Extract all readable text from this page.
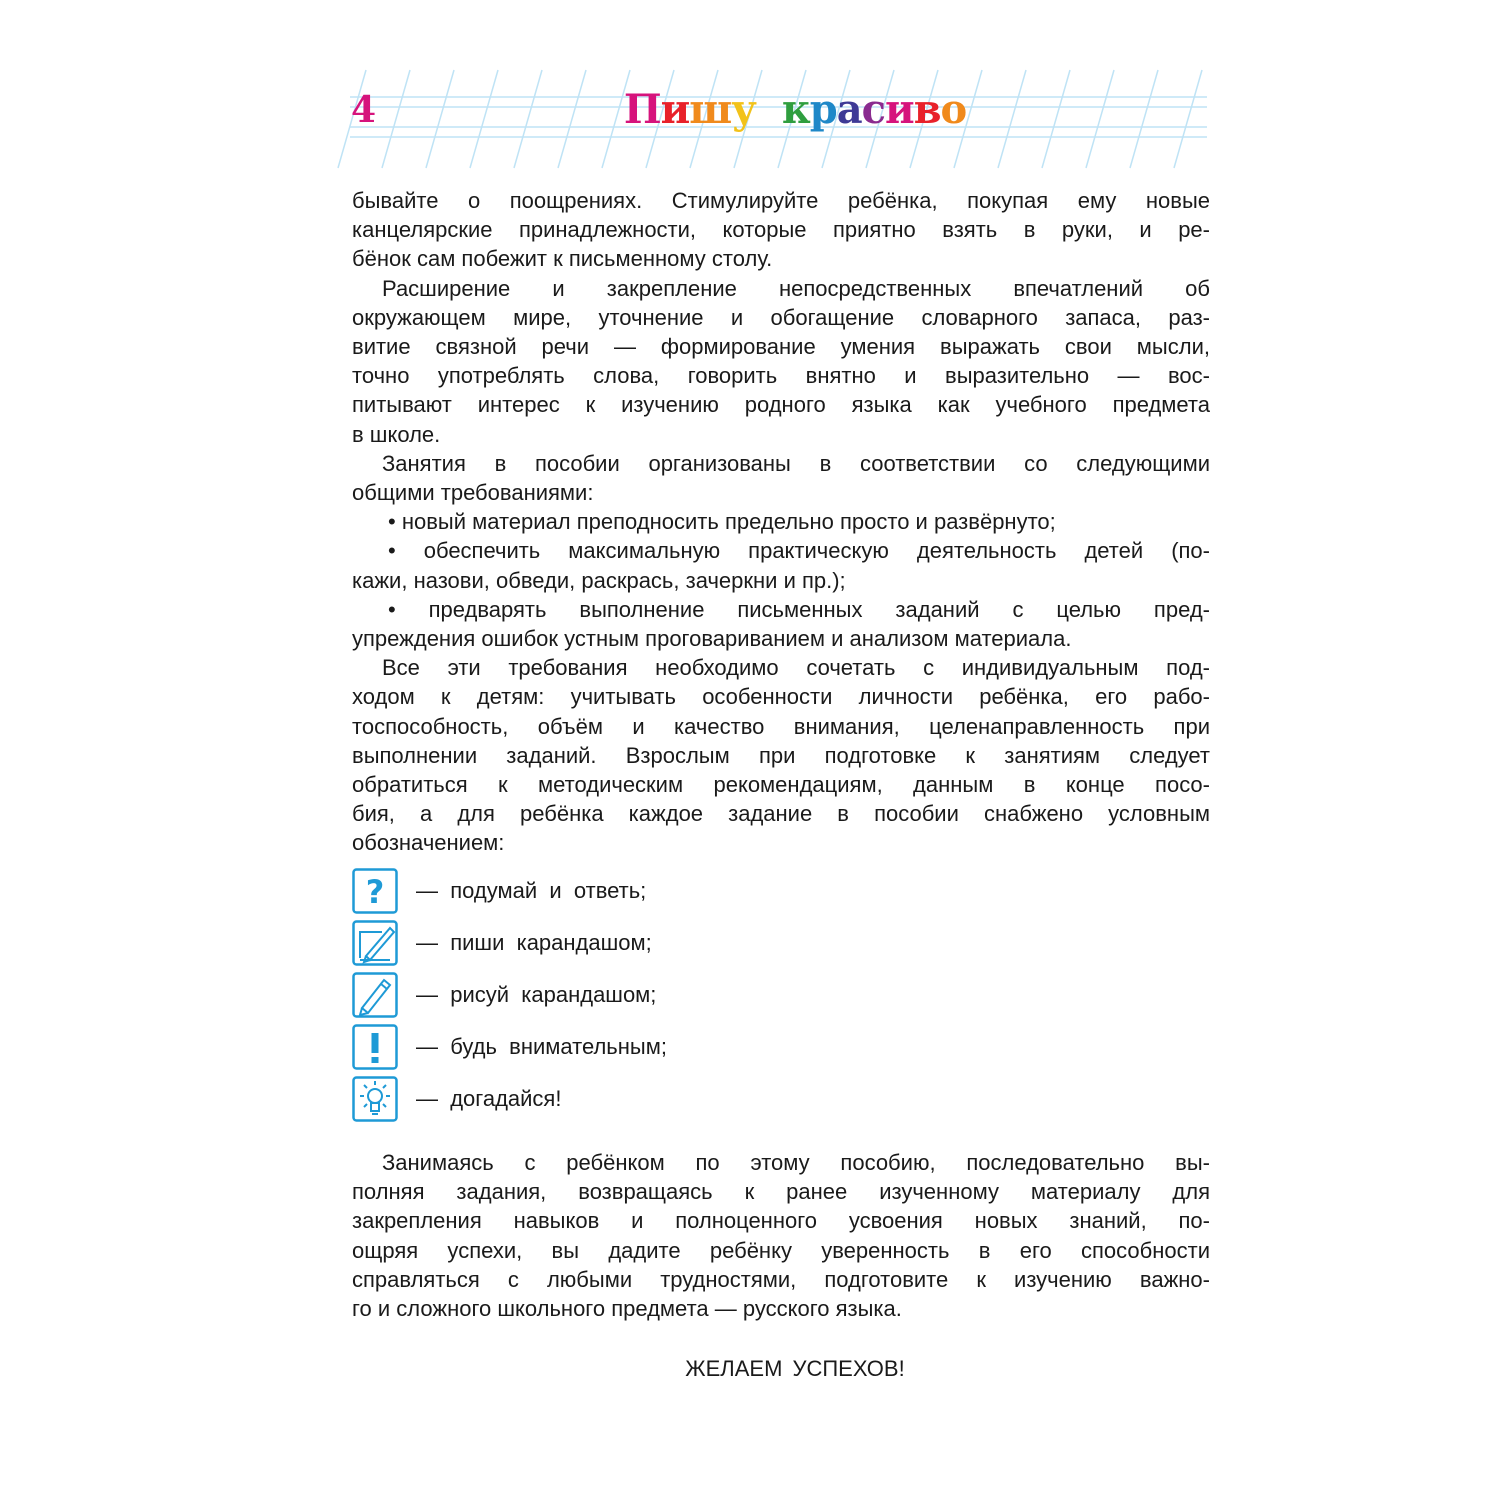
4	Пишу красиво

бывайте о поощрениях. Стимулируйте ребёнка, покупая ему новые

канцелярские принадлежности, которые приятно взять в руки, и ре-

бёнок сам побежит к письменному столу.

Расширение и закрепление непосредственных впечатлений об

окружающем мире, уточнение и обогащение словарного запаса, раз-

витие связной речи — формирование умения выражать свои мысли,

точно употреблять слова, говорить внятно и выразительно — вос-

питывают интерес к изучению родного языка как учебного предмета

в школе.

Занятия в пособии организованы в соответствии со следующими

общими требованиями:

• новый материал преподносить предельно просто и развёрнуто;

• обеспечить максимальную практическую деятельность детей (по-

кажи, назови, обведи, раскрась, зачеркни и пр.);

• предварять выполнение письменных заданий с целью пред-

упреждения ошибок устным проговариванием и анализом материала.

Все эти требования необходимо сочетать с индивидуальным под-

ходом к детям: учитывать особенности личности ребёнка, его рабо-

тоспособность, объём и качество внимания, целенаправленность при

выполнении заданий. Взрослым при подготовке к занятиям следует

обратиться к методическим рекомендациям, данным в конце посо-

бия, а для ребёнка каждое задание в пособии снабжено условным

обозначением:

? —  подумай  и  ответь;
—  пиши  карандашом;
—  рисуй  карандашом;
—  будь  внимательным;
—  догадайся!

Занимаясь с ребёнком по этому пособию, последовательно вы-

полняя задания, возвращаясь к ранее изученному материалу для

закрепления навыков и полноценного усвоения новых знаний, по-

ощряя успехи, вы дадите ребёнку уверенность в его способности

справляться с любыми трудностями, подготовите к изучению важно-

го и сложного школьного предмета — русского языка.

ЖЕЛАЕМ УСПЕХОВ!
